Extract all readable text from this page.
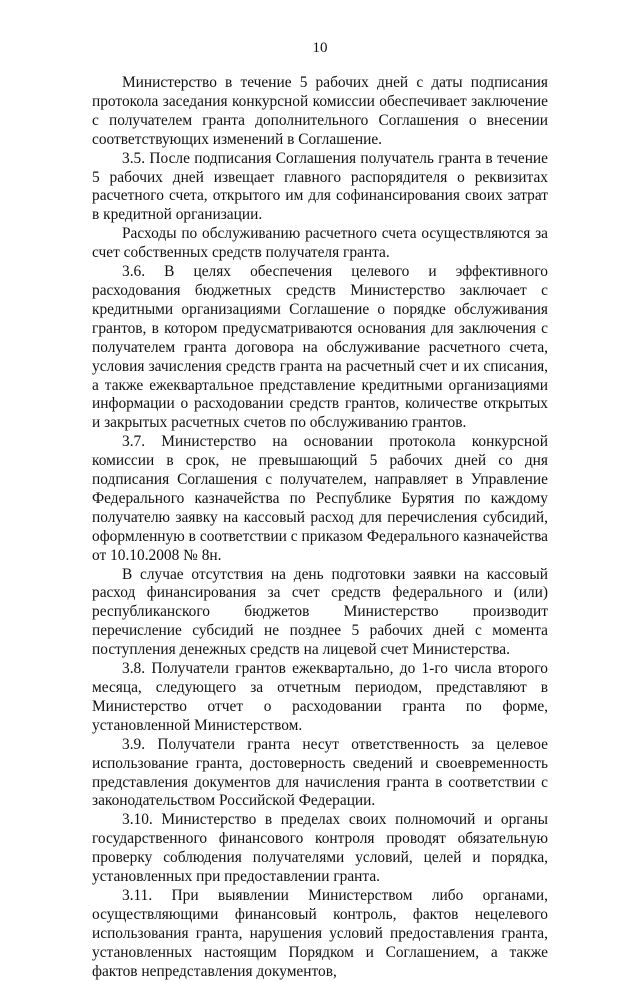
10

Министерство в течение 5 рабочих дней с даты подписания протокола заседания конкурсной комиссии обеспечивает заключение с получателем гранта дополнительного Соглашения о внесении соответствующих изменений в Соглашение.

3.5. После подписания Соглашения получатель гранта в течение 5 рабочих дней извещает главного распорядителя о реквизитах расчетного счета, открытого им для софинансирования своих затрат в кредитной организации.

Расходы по обслуживанию расчетного счета осуществляются за счет собственных средств получателя гранта.

3.6. В целях обеспечения целевого и эффективного расходования бюджетных средств Министерство заключает с кредитными организациями Соглашение о порядке обслуживания грантов, в котором предусматриваются основания для заключения с получателем гранта договора на обслуживание расчетного счета, условия зачисления средств гранта на расчетный счет и их списания, а также ежеквартальное представление кредитными организациями информации о расходовании средств грантов, количестве открытых и закрытых расчетных счетов по обслуживанию грантов.

3.7. Министерство на основании протокола конкурсной комиссии в срок, не превышающий 5 рабочих дней со дня подписания Соглашения с получателем, направляет в Управление Федерального казначейства по Республике Бурятия по каждому получателю заявку на кассовый расход для перечисления субсидий, оформленную в соответствии с приказом Федерального казначейства от 10.10.2008 № 8н.

В случае отсутствия на день подготовки заявки на кассовый расход финансирования за счет средств федерального и (или) республиканского бюджетов Министерство производит перечисление субсидий не позднее 5 рабочих дней с момента поступления денежных средств на лицевой счет Министерства.

3.8. Получатели грантов ежеквартально, до 1-го числа второго месяца, следующего за отчетным периодом, представляют в Министерство отчет о расходовании гранта по форме, установленной Министерством.

3.9. Получатели гранта несут ответственность за целевое использование гранта, достоверность сведений и своевременность представления документов для начисления гранта в соответствии с законодательством Российской Федерации.

3.10. Министерство в пределах своих полномочий и органы государственного финансового контроля проводят обязательную проверку соблюдения получателями условий, целей и порядка, установленных при предоставлении гранта.

3.11. При выявлении Министерством либо органами, осуществляющими финансовый контроль, фактов нецелевого использования гранта, нарушения условий предоставления гранта, установленных настоящим Порядком и Соглашением, а также фактов непредставления документов,
